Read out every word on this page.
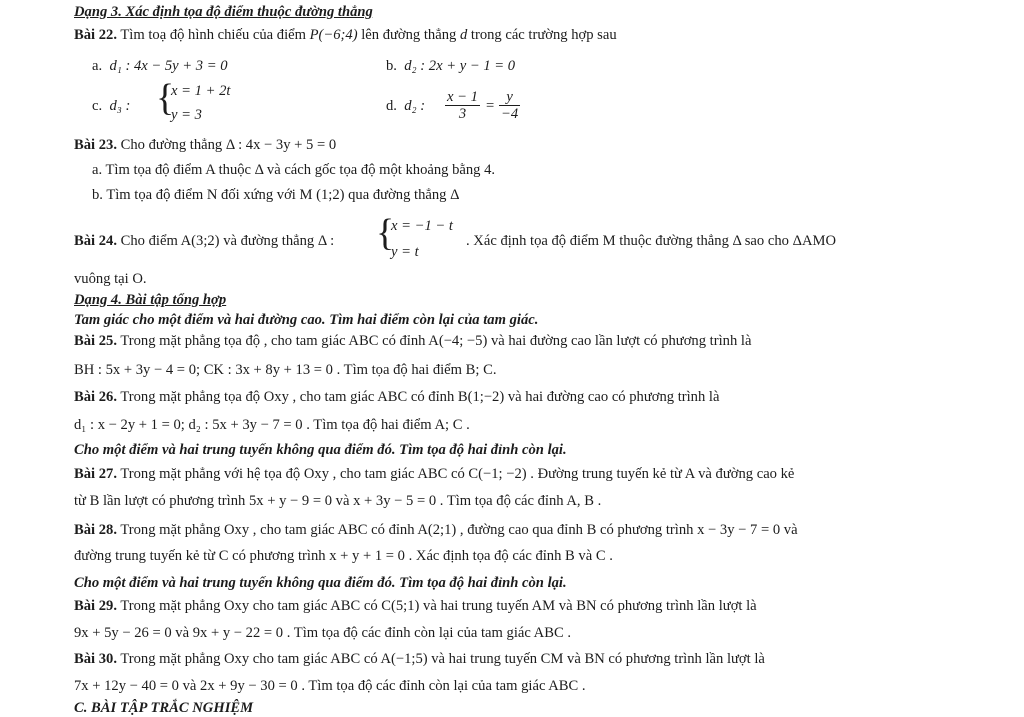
Dạng 3. Xác định tọa độ điểm thuộc đường thẳng
Bài 22. Tìm toạ độ hình chiếu của điểm P(−6;4) lên đường thẳng d trong các trường hợp sau
a. d₁ : 4x − 5y + 3 = 0	b. d₂ : 2x + y − 1 = 0
c. d₃ : {
x = 1 + 2t
y = 3
d. d₂ : $\frac{x - 1}{3} = \frac{y}{-4}$
Bài 23. Cho đường thẳng Δ : 4x − 3y + 5 = 0
a. Tìm tọa độ điểm A thuộc Δ và cách gốc tọa độ một khoảng bằng 4.
b. Tìm tọa độ điểm N đối xứng với M (1;2) qua đường thẳng Δ
Bài 24. Cho điểm A(3;2) và đường thẳng Δ : {
x = −1 − t
y = t
. Xác định tọa độ điểm M thuộc đường thẳng Δ sao cho ΔAMO
vuông tại O.
Dạng 4. Bài tập tổng hợp
Tam giác cho một điểm và hai đường cao. Tìm hai điểm còn lại của tam giác.
Bài 25. Trong mặt phẳng tọa độ , cho tam giác ABC có đỉnh A(−4; −5) và hai đường cao lần lượt có phương trình là
BH : 5x + 3y − 4 = 0; CK : 3x + 8y + 13 = 0 . Tìm tọa độ hai điểm B; C.
Bài 26. Trong mặt phẳng tọa độ Oxy , cho tam giác ABC có đỉnh B(1;−2) và hai đường cao có phương trình là
d₁ : x − 2y + 1 = 0; d₂ : 5x + 3y − 7 = 0 . Tìm tọa độ hai điểm A; C .
Cho một điểm và hai trung tuyến không qua điểm đó. Tìm tọa độ hai đỉnh còn lại.
Bài 27. Trong mặt phẳng với hệ tọa độ Oxy , cho tam giác ABC có C(−1; −2) . Đường trung tuyến kẻ từ A và đường cao kẻ
từ B lần lượt có phương trình 5x + y − 9 = 0 và x + 3y − 5 = 0 . Tìm tọa độ các đỉnh A, B .
Bài 28. Trong mặt phẳng Oxy , cho tam giác ABC có đỉnh A(2;1) , đường cao qua đỉnh B có phương trình x − 3y − 7 = 0 và
đường trung tuyến kẻ từ C có phương trình x + y + 1 = 0 . Xác định tọa độ các đỉnh B và C .
Cho một điểm và hai trung tuyến không qua điểm đó. Tìm tọa độ hai đỉnh còn lại.
Bài 29. Trong mặt phẳng Oxy cho tam giác ABC có C(5;1) và hai trung tuyến AM và BN có phương trình lần lượt là
9x + 5y − 26 = 0 và 9x + y − 22 = 0 . Tìm tọa độ các đỉnh còn lại của tam giác ABC .
Bài 30. Trong mặt phẳng Oxy cho tam giác ABC có A(−1;5) và hai trung tuyến CM và BN có phương trình lần lượt là
7x + 12y − 40 = 0 và 2x + 9y − 30 = 0 . Tìm tọa độ các đỉnh còn lại của tam giác ABC .
C. BÀI TẬP TRẮC NGHIỆM
